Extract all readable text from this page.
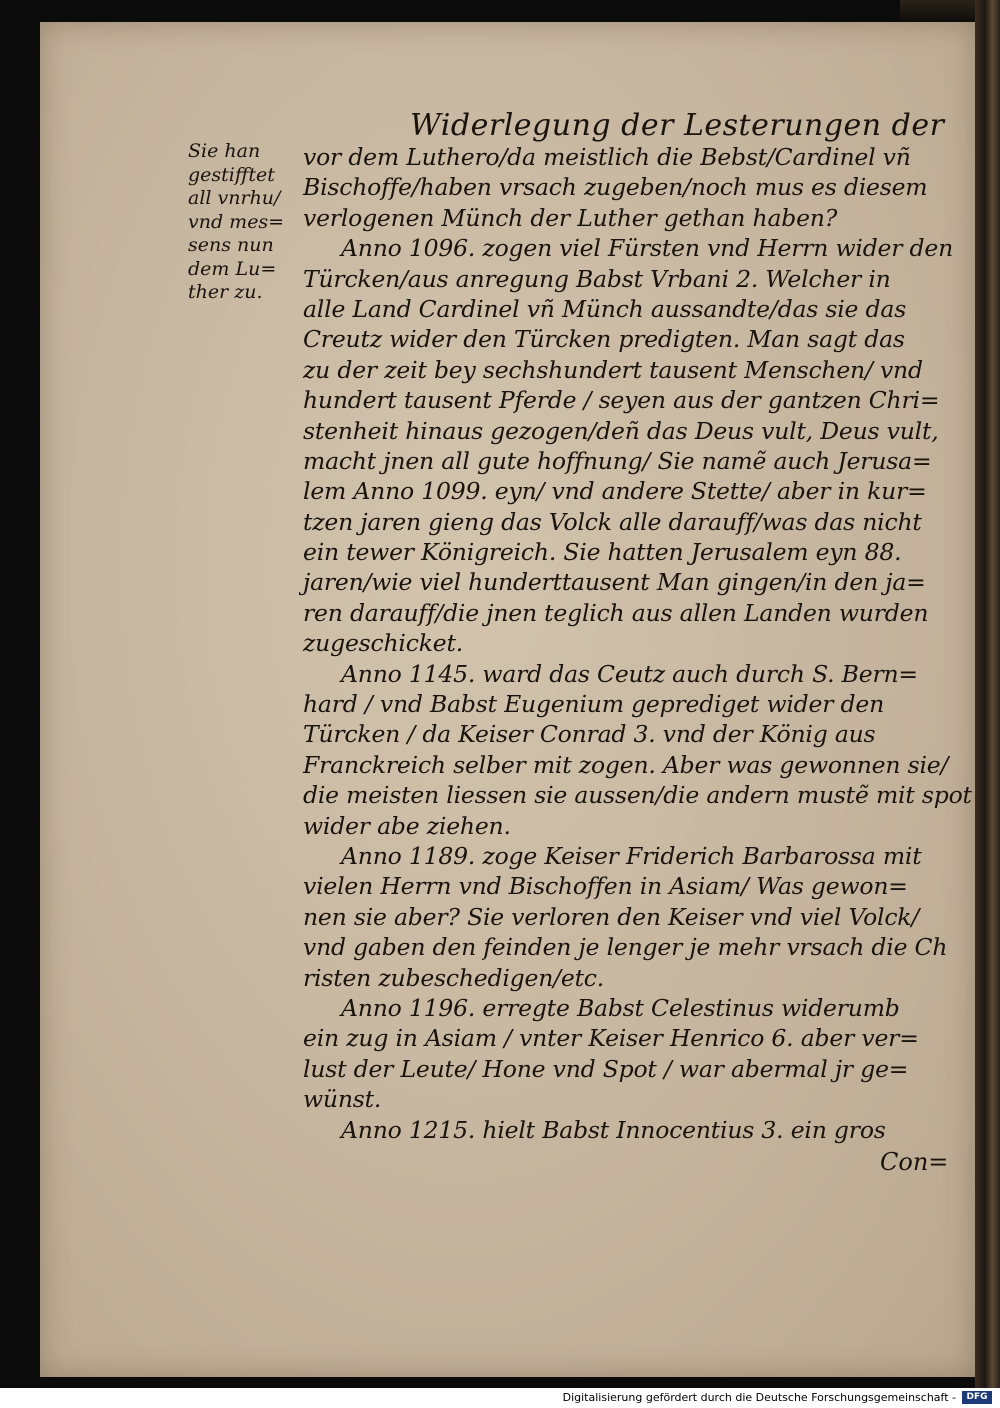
Widerlegung der Lesterungen der
Sie han
gestifftet
all vnrhu/
vnd mes=
sens nun
dem Lu=
ther zu.
vor dem Luthero/da meistlich die Bebst/Cardinel vñ
Bischoffe/haben vrsach zugeben/noch mus es diesem
verlogenen Münch der Luther gethan haben?
Anno 1096. zogen viel Fürsten vnd Herrn wider den
Türcken/aus anregung Babst Vrbani 2. Welcher in
alle Land Cardinel vñ Münch aussandte/das sie das
Creutz wider den Türcken predigten. Man sagt das
zu der zeit bey sechshundert tausent Menschen/ vnd
hundert tausent Pferde / seyen aus der gantzen Chri=
stenheit hinaus gezogen/deñ das Deus vult, Deus vult,
macht jnen all gute hoffnung/ Sie namẽ auch Jerusa=
lem Anno 1099. eyn/ vnd andere Stette/ aber in kur=
tzen jaren gieng das Volck alle darauff/was das nicht
ein tewer Königreich. Sie hatten Jerusalem eyn 88.
jaren/wie viel hunderttausent Man gingen/in den ja=
ren darauff/die jnen teglich aus allen Landen wurden
zugeschicket.
Anno 1145. ward das Ceutz auch durch S. Bern=
hard / vnd Babst Eugenium geprediget wider den
Türcken / da Keiser Conrad 3. vnd der König aus
Franckreich selber mit zogen. Aber was gewonnen sie/
die meisten liessen sie aussen/die andern mustẽ mit spot
wider abe ziehen.
Anno 1189. zoge Keiser Friderich Barbarossa mit
vielen Herrn vnd Bischoffen in Asiam/ Was gewon=
nen sie aber? Sie verloren den Keiser vnd viel Volck/
vnd gaben den feinden je lenger je mehr vrsach die Ch
risten zubeschedigen/etc.
Anno 1196. erregte Babst Celestinus widerumb
ein zug in Asiam / vnter Keiser Henrico 6. aber ver=
lust der Leute/ Hone vnd Spot / war abermal jr ge=
wünst.
Anno 1215. hielt Babst Innocentius 3. ein gros
Con=
Digitalisierung gefördert durch die Deutsche Forschungsgemeinschaft -	DFG
